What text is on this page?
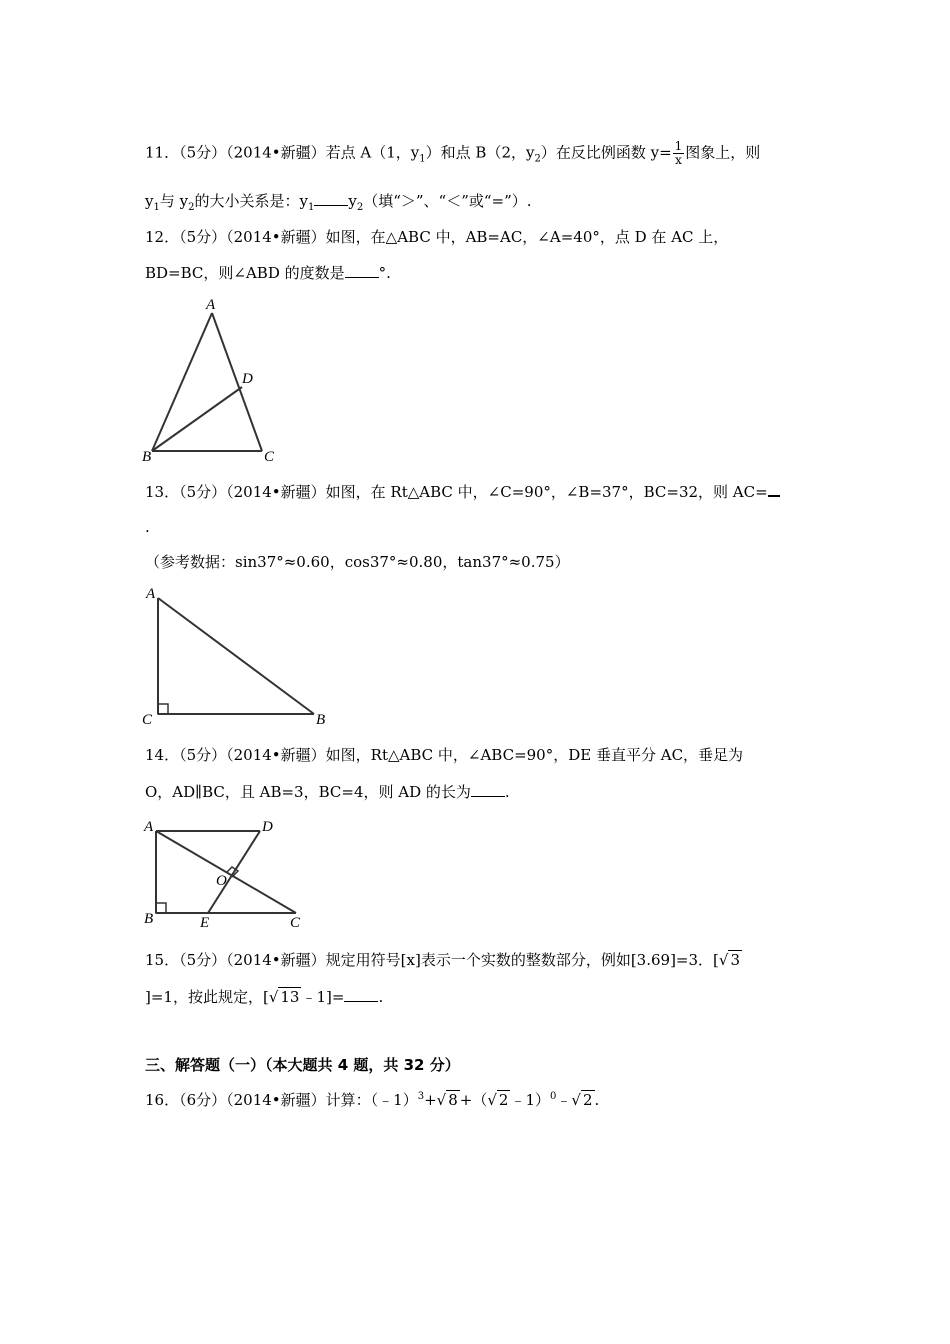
11．（5分）（2014•新疆）若点 A（1，$y_1$）和点 B（2，$y_2$）在反比例函数 $y= \frac{1}{x}$ 图象上，则
$y_1$与 $y_2$的大小关系是：$y_1$ $y_2$（填“＞”、“＜”或“=”）.
12．（5分）（2014•新疆）如图，在△ABC 中，AB=AC，∠A=40°，点 D 在 AC 上，
BD=BC，则∠ABD 的度数是 °.
A
D
B	C
13．（5分）（2014•新疆）如图，在 Rt△ABC 中，∠C=90°，∠B=37°，BC=32，则 AC=
.
（参考数据：sin37°≈0.60，cos37°≈0.80，tan37°≈0.75）
A
C	B
14．（5分）（2014•新疆）如图，Rt△ABC 中，∠ABC=90°，DE 垂直平分 AC，垂足为
O，AD∥BC，且 AB=3，BC=4，则 AD 的长为 .
A	D
O
B	E	C
15．（5分）（2014•新疆）规定用符号[x]表示一个实数的整数部分，例如[3.69]=3．[√ 3
]=1，按此规定，[√ 13 ﹣1]= .
三、解答题（一）（本大题共 4 题，共 32 分）
16．（6分）（2014•新疆）计算：（﹣1）$^3$+√ 8 +（√ 2 ﹣1）$^0$﹣√ 2 .
